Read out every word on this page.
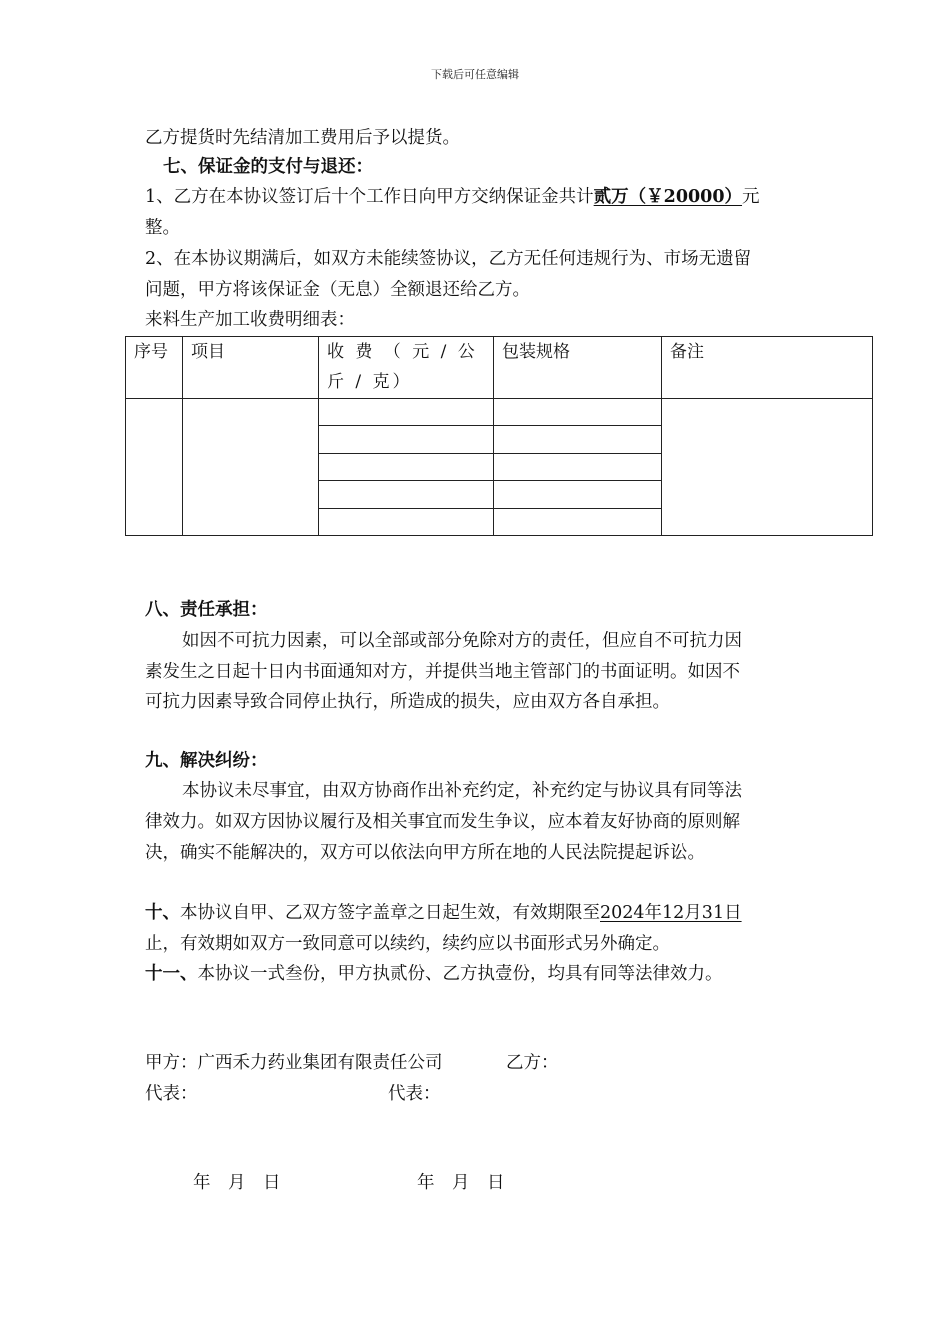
下载后可任意编辑
乙方提货时先结清加工费用后予以提货。
七、保证金的支付与退还：
1、乙方在本协议签订后十个工作日向甲方交纳保证金共计贰万（￥20000）元
整。
2、在本协议期满后，如双方未能续签协议，乙方无任何违规行为、市场无遗留
问题，甲方将该保证金（无息）全额退还给乙方。
来料生产加工收费明细表：
序号	项目	收 费 （ 元 / 公 斤 / 克）	包装规格	备注

八、责任承担：
如因不可抗力因素，可以全部或部分免除对方的责任，但应自不可抗力因
素发生之日起十日内书面通知对方，并提供当地主管部门的书面证明。如因不
可抗力因素导致合同停止执行，所造成的损失，应由双方各自承担。
九、解决纠纷：
本协议未尽事宜，由双方协商作出补充约定，补充约定与协议具有同等法
律效力。如双方因协议履行及相关事宜而发生争议，应本着友好协商的原则解
决，确实不能解决的，双方可以依法向甲方所在地的人民法院提起诉讼。
十、本协议自甲、乙双方签字盖章之日起生效，有效期限至2024年12月31日
止，有效期如双方一致同意可以续约，续约应以书面形式另外确定。
十一、本协议一式叁份，甲方执贰份、乙方执壹份，均具有同等法律效力。
甲方：广西禾力药业集团有限责任公司	乙方：
代表：	代表：
年　月　日	年　月　日
